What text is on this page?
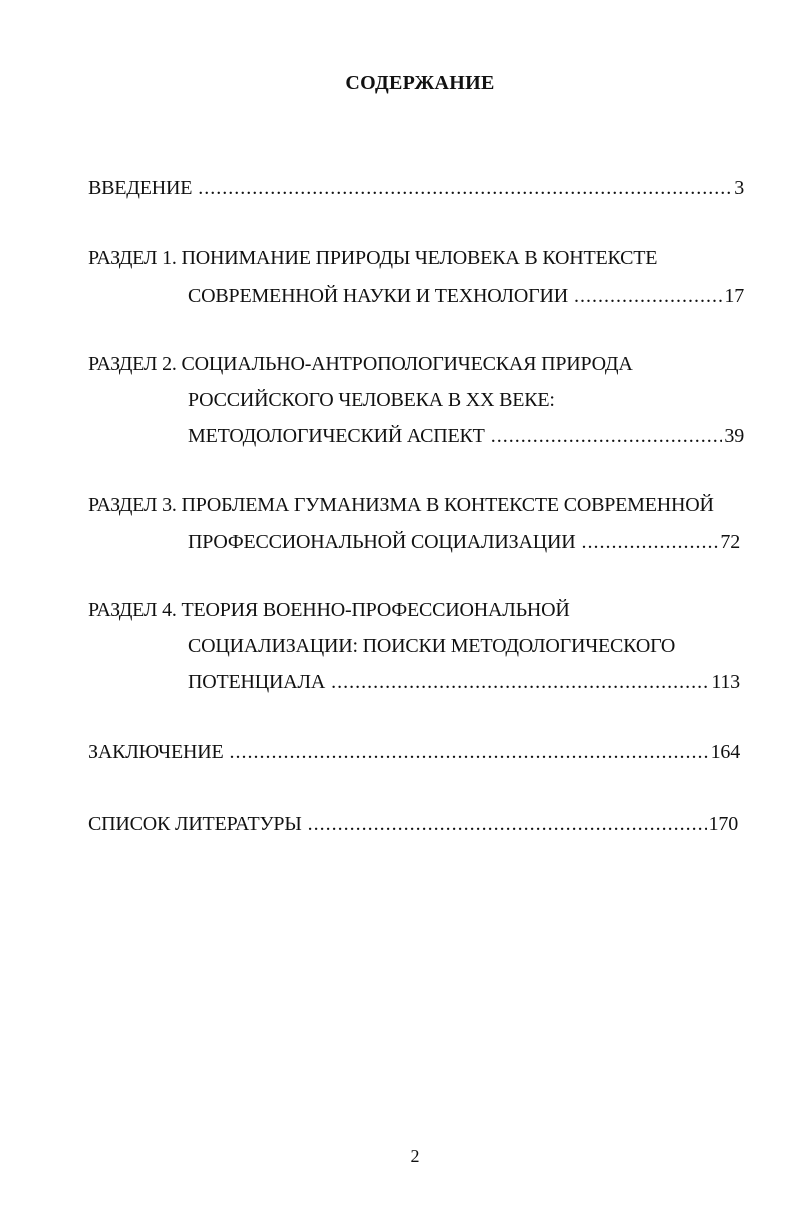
СОДЕРЖАНИЕ
ВВЕДЕНИЕ .....	3
РАЗДЕЛ 1. ПОНИМАНИЕ ПРИРОДЫ ЧЕЛОВЕКА В КОНТЕКСТЕ
СОВРЕМЕННОЙ НАУКИ И ТЕХНОЛОГИИ .....	17
РАЗДЕЛ 2. СОЦИАЛЬНО-АНТРОПОЛОГИЧЕСКАЯ ПРИРОДА
РОССИЙСКОГО ЧЕЛОВЕКА В XX ВЕКЕ:
МЕТОДОЛОГИЧЕСКИЙ АСПЕКТ .....	39
РАЗДЕЛ 3. ПРОБЛЕМА ГУМАНИЗМА В КОНТЕКСТЕ СОВРЕМЕННОЙ
ПРОФЕССИОНАЛЬНОЙ СОЦИАЛИЗАЦИИ .....	72
РАЗДЕЛ 4. ТЕОРИЯ ВОЕННО-ПРОФЕССИОНАЛЬНОЙ
СОЦИАЛИЗАЦИИ: ПОИСКИ МЕТОДОЛОГИЧЕСКОГО
ПОТЕНЦИАЛА .....	113
ЗАКЛЮЧЕНИЕ .....	164
СПИСОК ЛИТЕРАТУРЫ .....	170
2
